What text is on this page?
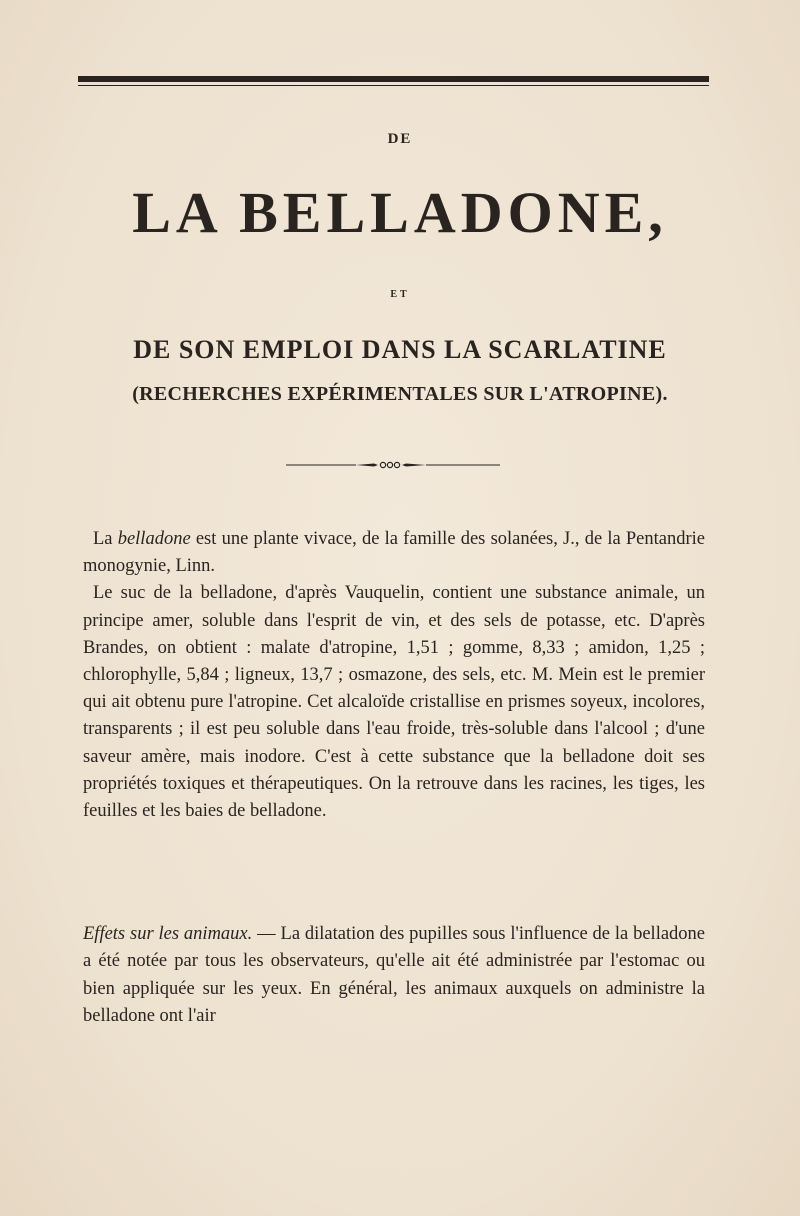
DE
LA BELLADONE,
ET
DE SON EMPLOI DANS LA SCARLATINE
(RECHERCHES EXPÉRIMENTALES SUR L'ATROPINE).

La belladone est une plante vivace, de la famille des solanées, J., de la Pentandrie monogynie, Linn.

Le suc de la belladone, d'après Vauquelin, contient une substance animale, un principe amer, soluble dans l'esprit de vin, et des sels de potasse, etc. D'après Brandes, on obtient : malate d'atropine, 1,51 ; gomme, 8,33 ; amidon, 1,25 ; chlorophylle, 5,84 ; ligneux, 13,7 ; osmazone, des sels, etc. M. Mein est le premier qui ait obtenu pure l'atropine. Cet alcaloïde cristallise en prismes soyeux, incolores, transparents ; il est peu soluble dans l'eau froide, très-soluble dans l'alcool ; d'une saveur amère, mais inodore. C'est à cette substance que la belladone doit ses propriétés toxiques et thérapeutiques. On la retrouve dans les racines, les tiges, les feuilles et les baies de belladone.

Effets sur les animaux. — La dilatation des pupilles sous l'influence de la belladone a été notée par tous les observateurs, qu'elle ait été administrée par l'estomac ou bien appliquée sur les yeux. En général, les animaux auxquels on administre la belladone ont l'air
